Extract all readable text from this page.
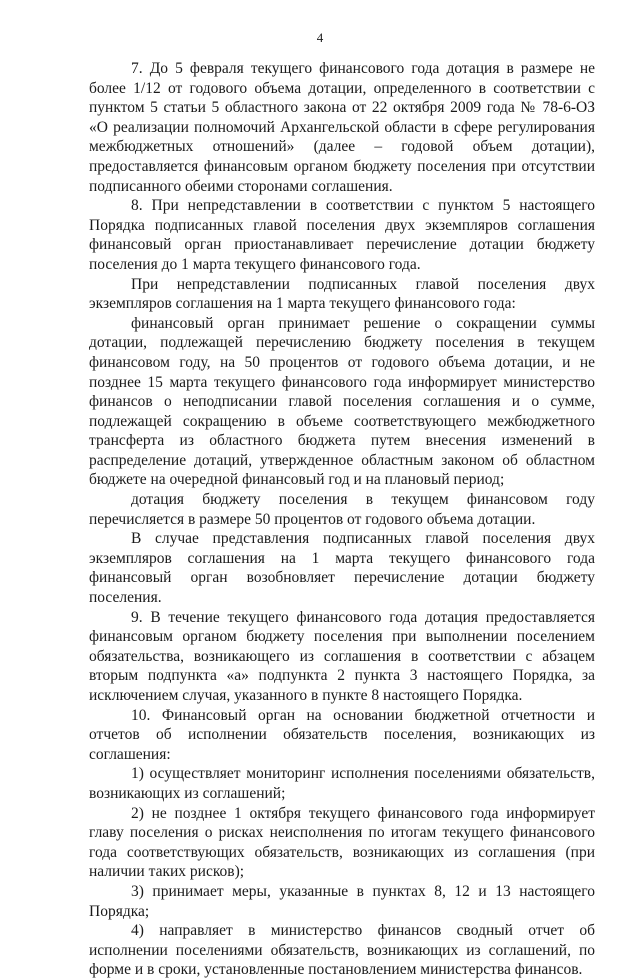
4

7. До 5 февраля текущего финансового года дотация в размере не более 1/12 от годового объема дотации, определенного в соответствии с пунктом 5 статьи 5 областного закона от 22 октября 2009 года № 78-6-ОЗ «О реализации полномочий Архангельской области в сфере регулирования межбюджетных отношений» (далее – годовой объем дотации), предоставляется финансовым органом бюджету поселения при отсутствии подписанного обеими сторонами соглашения.

8. При непредставлении в соответствии с пунктом 5 настоящего Порядка подписанных главой поселения двух экземпляров соглашения финансовый орган приостанавливает перечисление дотации бюджету поселения до 1 марта текущего финансового года.

При непредставлении подписанных главой поселения двух экземпляров соглашения на 1 марта текущего финансового года:

финансовый орган принимает решение о сокращении суммы дотации, подлежащей перечислению бюджету поселения в текущем финансовом году, на 50 процентов от годового объема дотации, и не позднее 15 марта текущего финансового года информирует министерство финансов о неподписании главой поселения соглашения и о сумме, подлежащей сокращению в объеме соответствующего межбюджетного трансферта из областного бюджета путем внесения изменений в распределение дотаций, утвержденное областным законом об областном бюджете на очередной финансовый год и на плановый период;

дотация бюджету поселения в текущем финансовом году перечисляется в размере 50 процентов от годового объема дотации.

В случае представления подписанных главой поселения двух экземпляров соглашения на 1 марта текущего финансового года финансовый орган возобновляет перечисление дотации бюджету поселения.

9. В течение текущего финансового года дотация предоставляется финансовым органом бюджету поселения при выполнении поселением обязательства, возникающего из соглашения в соответствии с абзацем вторым подпункта «а» подпункта 2 пункта 3 настоящего Порядка, за исключением случая, указанного в пункте 8 настоящего Порядка.

10. Финансовый орган на основании бюджетной отчетности и отчетов об исполнении обязательств поселения, возникающих из соглашения:

1) осуществляет мониторинг исполнения поселениями обязательств, возникающих из соглашений;

2) не позднее 1 октября текущего финансового года информирует главу поселения о рисках неисполнения по итогам текущего финансового года соответствующих обязательств, возникающих из соглашения (при наличии таких рисков);

3) принимает меры, указанные в пунктах 8, 12 и 13 настоящего Порядка;

4) направляет в министерство финансов сводный отчет об исполнении поселениями обязательств, возникающих из соглашений, по форме и в сроки, установленные постановлением министерства финансов.
